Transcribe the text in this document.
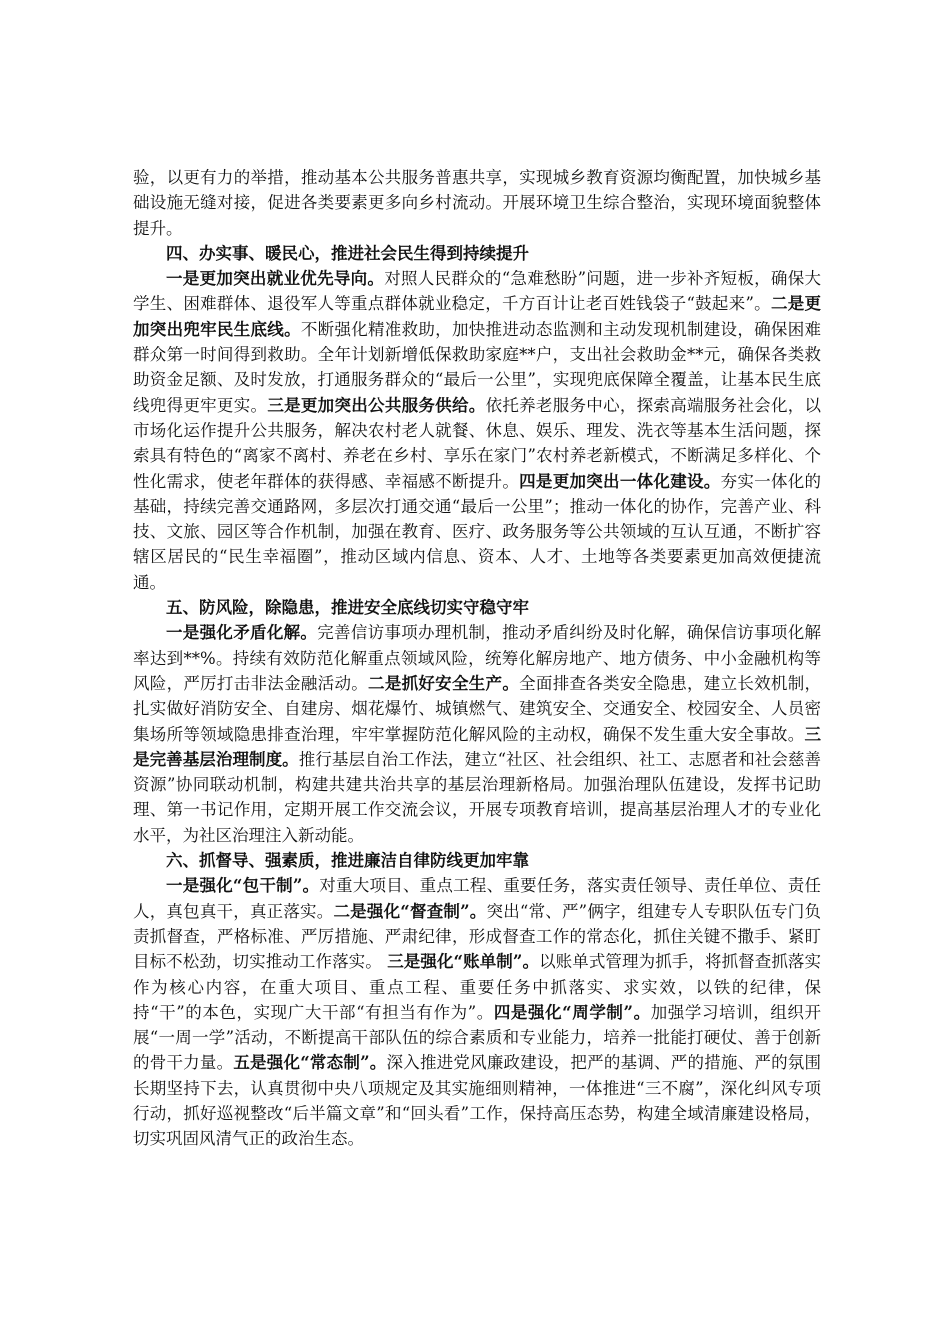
验，以更有力的举措，推动基本公共服务普惠共享，实现城乡教育资源均衡配置，加快城乡基础设施无缝对接，促进各类要素更多向乡村流动。开展环境卫生综合整治，实现环境面貌整体提升。

四、办实事、暖民心，推进社会民生得到持续提升

一是更加突出就业优先导向。对照人民群众的“急难愁盼”问题，进一步补齐短板，确保大学生、困难群体、退役军人等重点群体就业稳定，千方百计让老百姓钱袋子“鼓起来”。二是更加突出兜牢民生底线。不断强化精准救助，加快推进动态监测和主动发现机制建设，确保困难群众第一时间得到救助。全年计划新增低保救助家庭**户，支出社会救助金**元，确保各类救助资金足额、及时发放，打通服务群众的“最后一公里”，实现兜底保障全覆盖，让基本民生底线兜得更牢更实。三是更加突出公共服务供给。依托养老服务中心，探索高端服务社会化，以市场化运作提升公共服务，解决农村老人就餐、休息、娱乐、理发、洗衣等基本生活问题，探索具有特色的“离家不离村、养老在乡村、享乐在家门”农村养老新模式，不断满足多样化、个性化需求，使老年群体的获得感、幸福感不断提升。四是更加突出一体化建设。夯实一体化的基础，持续完善交通路网，多层次打通交通“最后一公里”；推动一体化的协作，完善产业、科技、文旅、园区等合作机制，加强在教育、医疗、政务服务等公共领域的互认互通，不断扩容辖区居民的“民生幸福圈”，推动区域内信息、资本、人才、土地等各类要素更加高效便捷流通。

五、防风险，除隐患，推进安全底线切实守稳守牢

一是强化矛盾化解。完善信访事项办理机制，推动矛盾纠纷及时化解，确保信访事项化解率达到**%。持续有效防范化解重点领域风险，统筹化解房地产、地方债务、中小金融机构等风险，严厉打击非法金融活动。二是抓好安全生产。全面排查各类安全隐患，建立长效机制，扎实做好消防安全、自建房、烟花爆竹、城镇燃气、建筑安全、交通安全、校园安全、人员密集场所等领域隐患排查治理，牢牢掌握防范化解风险的主动权，确保不发生重大安全事故。三是完善基层治理制度。推行基层自治工作法，建立“社区、社会组织、社工、志愿者和社会慈善资源”协同联动机制，构建共建共治共享的基层治理新格局。加强治理队伍建设，发挥书记助理、第一书记作用，定期开展工作交流会议，开展专项教育培训，提高基层治理人才的专业化水平，为社区治理注入新动能。

六、抓督导、强素质，推进廉洁自律防线更加牢靠

一是强化“包干制”。对重大项目、重点工程、重要任务，落实责任领导、责任单位、责任人，真包真干，真正落实。二是强化“督查制”。突出“常、严”俩字，组建专人专职队伍专门负责抓督查，严格标准、严厉措施、严肃纪律，形成督查工作的常态化，抓住关键不撒手、紧盯目标不松劲，切实推动工作落实。 三是强化“账单制”。以账单式管理为抓手，将抓督查抓落实作为核心内容，在重大项目、重点工程、重要任务中抓落实、求实效，以铁的纪律，保持“干”的本色，实现广大干部“有担当有作为”。四是强化“周学制”。加强学习培训，组织开展“一周一学”活动，不断提高干部队伍的综合素质和专业能力，培养一批能打硬仗、善于创新的骨干力量。五是强化“常态制”。深入推进党风廉政建设，把严的基调、严的措施、严的氛围长期坚持下去，认真贯彻中央八项规定及其实施细则精神，一体推进“三不腐”，深化纠风专项行动，抓好巡视整改“后半篇文章”和“回头看”工作，保持高压态势，构建全域清廉建设格局，切实巩固风清气正的政治生态。
